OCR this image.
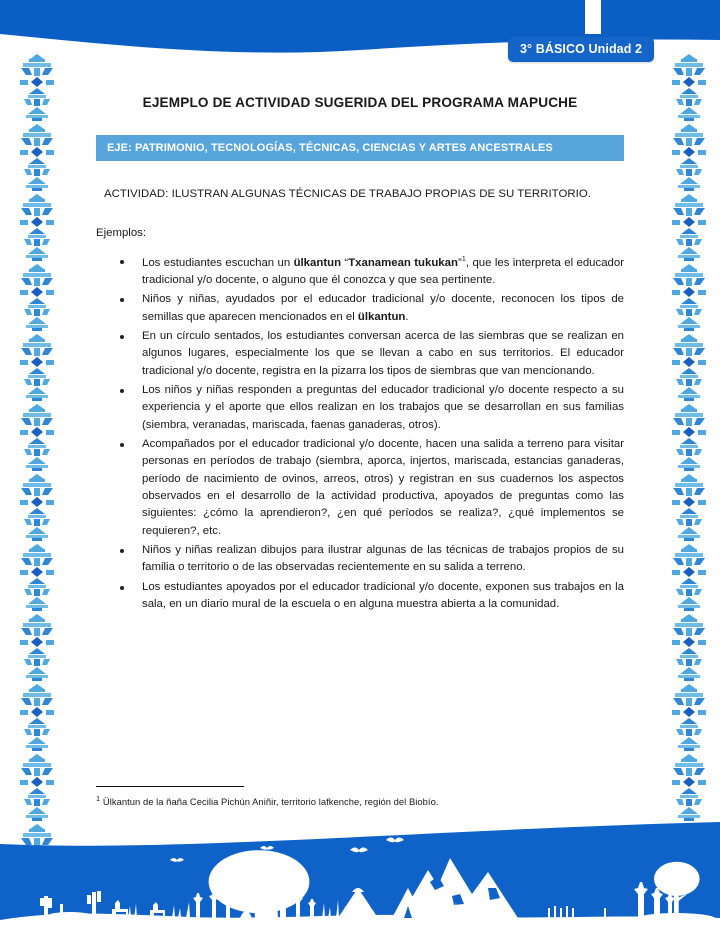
3° BÁSICO Unidad 2
EJEMPLO DE ACTIVIDAD SUGERIDA DEL PROGRAMA MAPUCHE
EJE: PATRIMONIO, TECNOLOGÍAS, TÉCNICAS, CIENCIAS Y ARTES ANCESTRALES
ACTIVIDAD: ILUSTRAN ALGUNAS TÉCNICAS DE TRABAJO PROPIAS DE SU TERRITORIO.
Ejemplos:
Los estudiantes escuchan un ülkantun “Txanamean tukukan”$^1$, que les interpreta el educador tradicional y/o docente, o alguno que él conozca y que sea pertinente.
Niños y niñas, ayudados por el educador tradicional y/o docente, reconocen los tipos de semillas que aparecen mencionados en el ülkantun.
En un círculo sentados, los estudiantes conversan acerca de las siembras que se realizan en algunos lugares, especialmente los que se llevan a cabo en sus territorios. El educador tradicional y/o docente, registra en la pizarra los tipos de siembras que van mencionando.
Los niños y niñas responden a preguntas del educador tradicional y/o docente respecto a su experiencia y el aporte que ellos realizan en los trabajos que se desarrollan en sus familias (siembra, veranadas, mariscada, faenas ganaderas, otros).
Acompañados por el educador tradicional y/o docente, hacen una salida a terreno para visitar personas en períodos de trabajo (siembra, aporca, injertos, mariscada, estancias ganaderas, período de nacimiento de ovinos, arreos, otros) y registran en sus cuadernos los aspectos observados en el desarrollo de la actividad productiva, apoyados de preguntas como las siguientes: ¿cómo la aprendieron?, ¿en qué períodos se realiza?, ¿qué implementos se requieren?, etc.
Niños y niñas realizan dibujos para ilustrar algunas de las técnicas de trabajos propios de su familia o territorio o de las observadas recientemente en su salida a terreno.
Los estudiantes apoyados por el educador tradicional y/o docente, exponen sus trabajos en la sala, en un diario mural de la escuela o en alguna muestra abierta a la comunidad.
$^1$ Ülkantun de la ñaña Cecilia Pichún Aniñir, territorio lafkenche, región del Biobío.
